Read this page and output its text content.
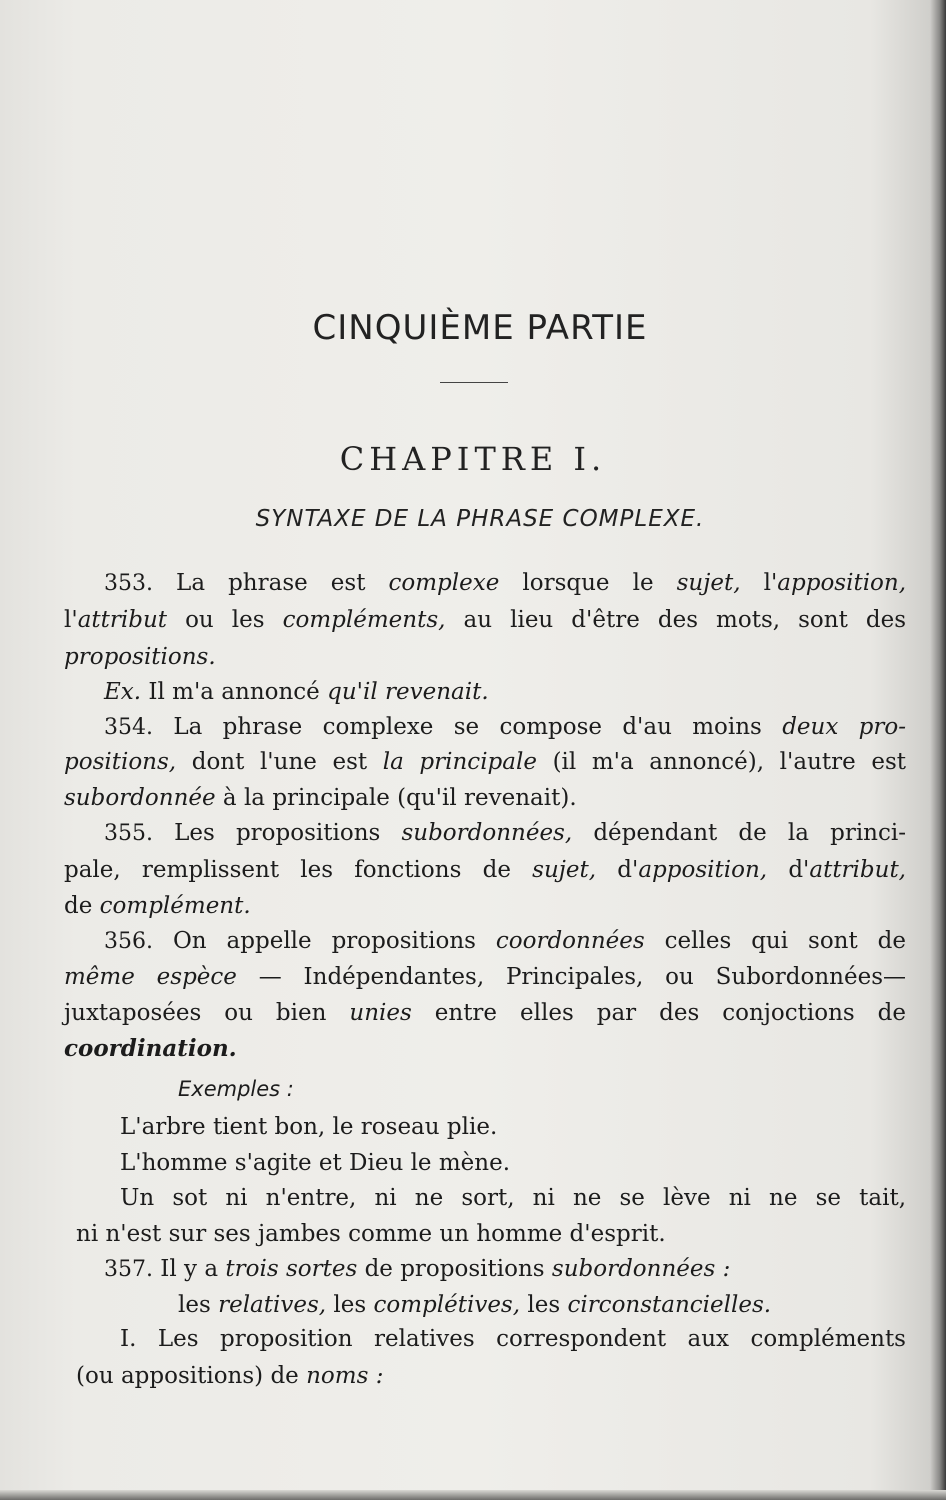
CINQUIÈME PARTIE
CHAPITRE I.
SYNTAXE DE LA PHRASE COMPLEXE.
353. La phrase est complexe lorsque le sujet, l'apposition,
l'attribut ou les compléments, au lieu d'être des mots, sont des
propositions.
Ex. Il m'a annoncé qu'il revenait.
354. La phrase complexe se compose d'au moins deux pro-
positions, dont l'une est la principale (il m'a annoncé), l'autre est
subordonnée à la principale (qu'il revenait).
355. Les propositions subordonnées, dépendant de la princi-
pale, remplissent les fonctions de sujet, d'apposition, d'attribut,
de complément.
356. On appelle propositions coordonnées celles qui sont de
même espèce — Indépendantes, Principales, ou Subordonnées—
juxtaposées ou bien unies entre elles par des conjoctions de
coordination.
Exemples :
L'arbre tient bon, le roseau plie.
L'homme s'agite et Dieu le mène.
Un sot ni n'entre, ni ne sort, ni ne se lève ni ne se tait,
ni n'est sur ses jambes comme un homme d'esprit.
357. Il y a trois sortes de propositions subordonnées :
les relatives, les complétives, les circonstancielles.
I. Les proposition relatives correspondent aux compléments
(ou appositions) de noms :
